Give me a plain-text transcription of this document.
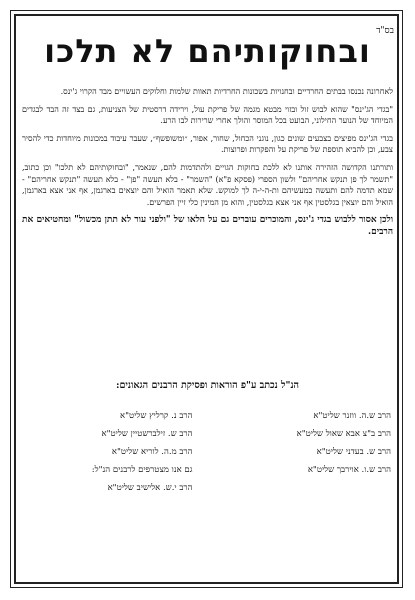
בס"ד

ובחוקותיהם לא תלכו

לאחרונה נכנסו בבתים החרדיים ובחנויות בשכונות החרדיות תאוות שלמות וחלוקים העשויים מבד הקרוי ג'ינס.

"בגדי הג'ינס" שהוא לבוש זול ובזוי מבטא מגמה של פריקת עול, וירידה דרסטית של הצניעות, גם בצד זה הבד לבגדים המיוחד של הנוער החילוני, הבועט בכל המוסר והולך אחרי שרירות לבו הרע.

בגדי הג'ינס מפיצים בצבעים שונים כגון, נוגני הכחול, שחור, אפור, ״ומשופשף״, שעבר עיבוד במכונות מיוחדות כדי להסיר צבע, וכן להביא תוספת של פריקת על והפקרות ופרוצות.

ותורתנו הקדושה הזהירה אותנו לא ללכת בחוקות הגויים ולהתדמות להם, שנאמר, "ובחוקותיהם לא תלכו" וכן כתוב, "תשמר לך פן תנקש אחריהם" ולשון הספרי (פסקא פ"א) "השמר" - בלא תעשה "פן" - בלא תעשה "תנקש אחריהם" - שמא תדמה להם ותעשה כמעשיהם ות-ה-י-ה לך למוקש. שלא תאמר הואיל והם יוצאים בארגמן, אף אני אצא בארגמן, הואיל והם יוצאין בגלסטין אף אני אצא בגלסטין, והוא מן המינין כלי זיין הפרשים.

ולכן אסור ללבוש בגדי ג'ינס, והמוכרים עוברים גם על הלאו של "ולפני עור לא תתן מכשול" ומחטיאים את הרבים.

הנ"ל נכתב ע"פ הוראות ופסיקת הרבנים הגאונים:

הרב ש.ה. ווזנר שליט"א
הרב נ. קרליץ שליט"א
הרב ב"צ אבא שאול שליט"א
הרב ש. זילברשטיין שליט"א
הרב ש. בעדני שליט"א
הרב מ.ה. לוריא שליט"א
הרב ש.ו. אוירבך שליט"א
גם אנו מצטרפים לרבנים הנ"ל:
הרב י.ש. אלישיב שליט"א
